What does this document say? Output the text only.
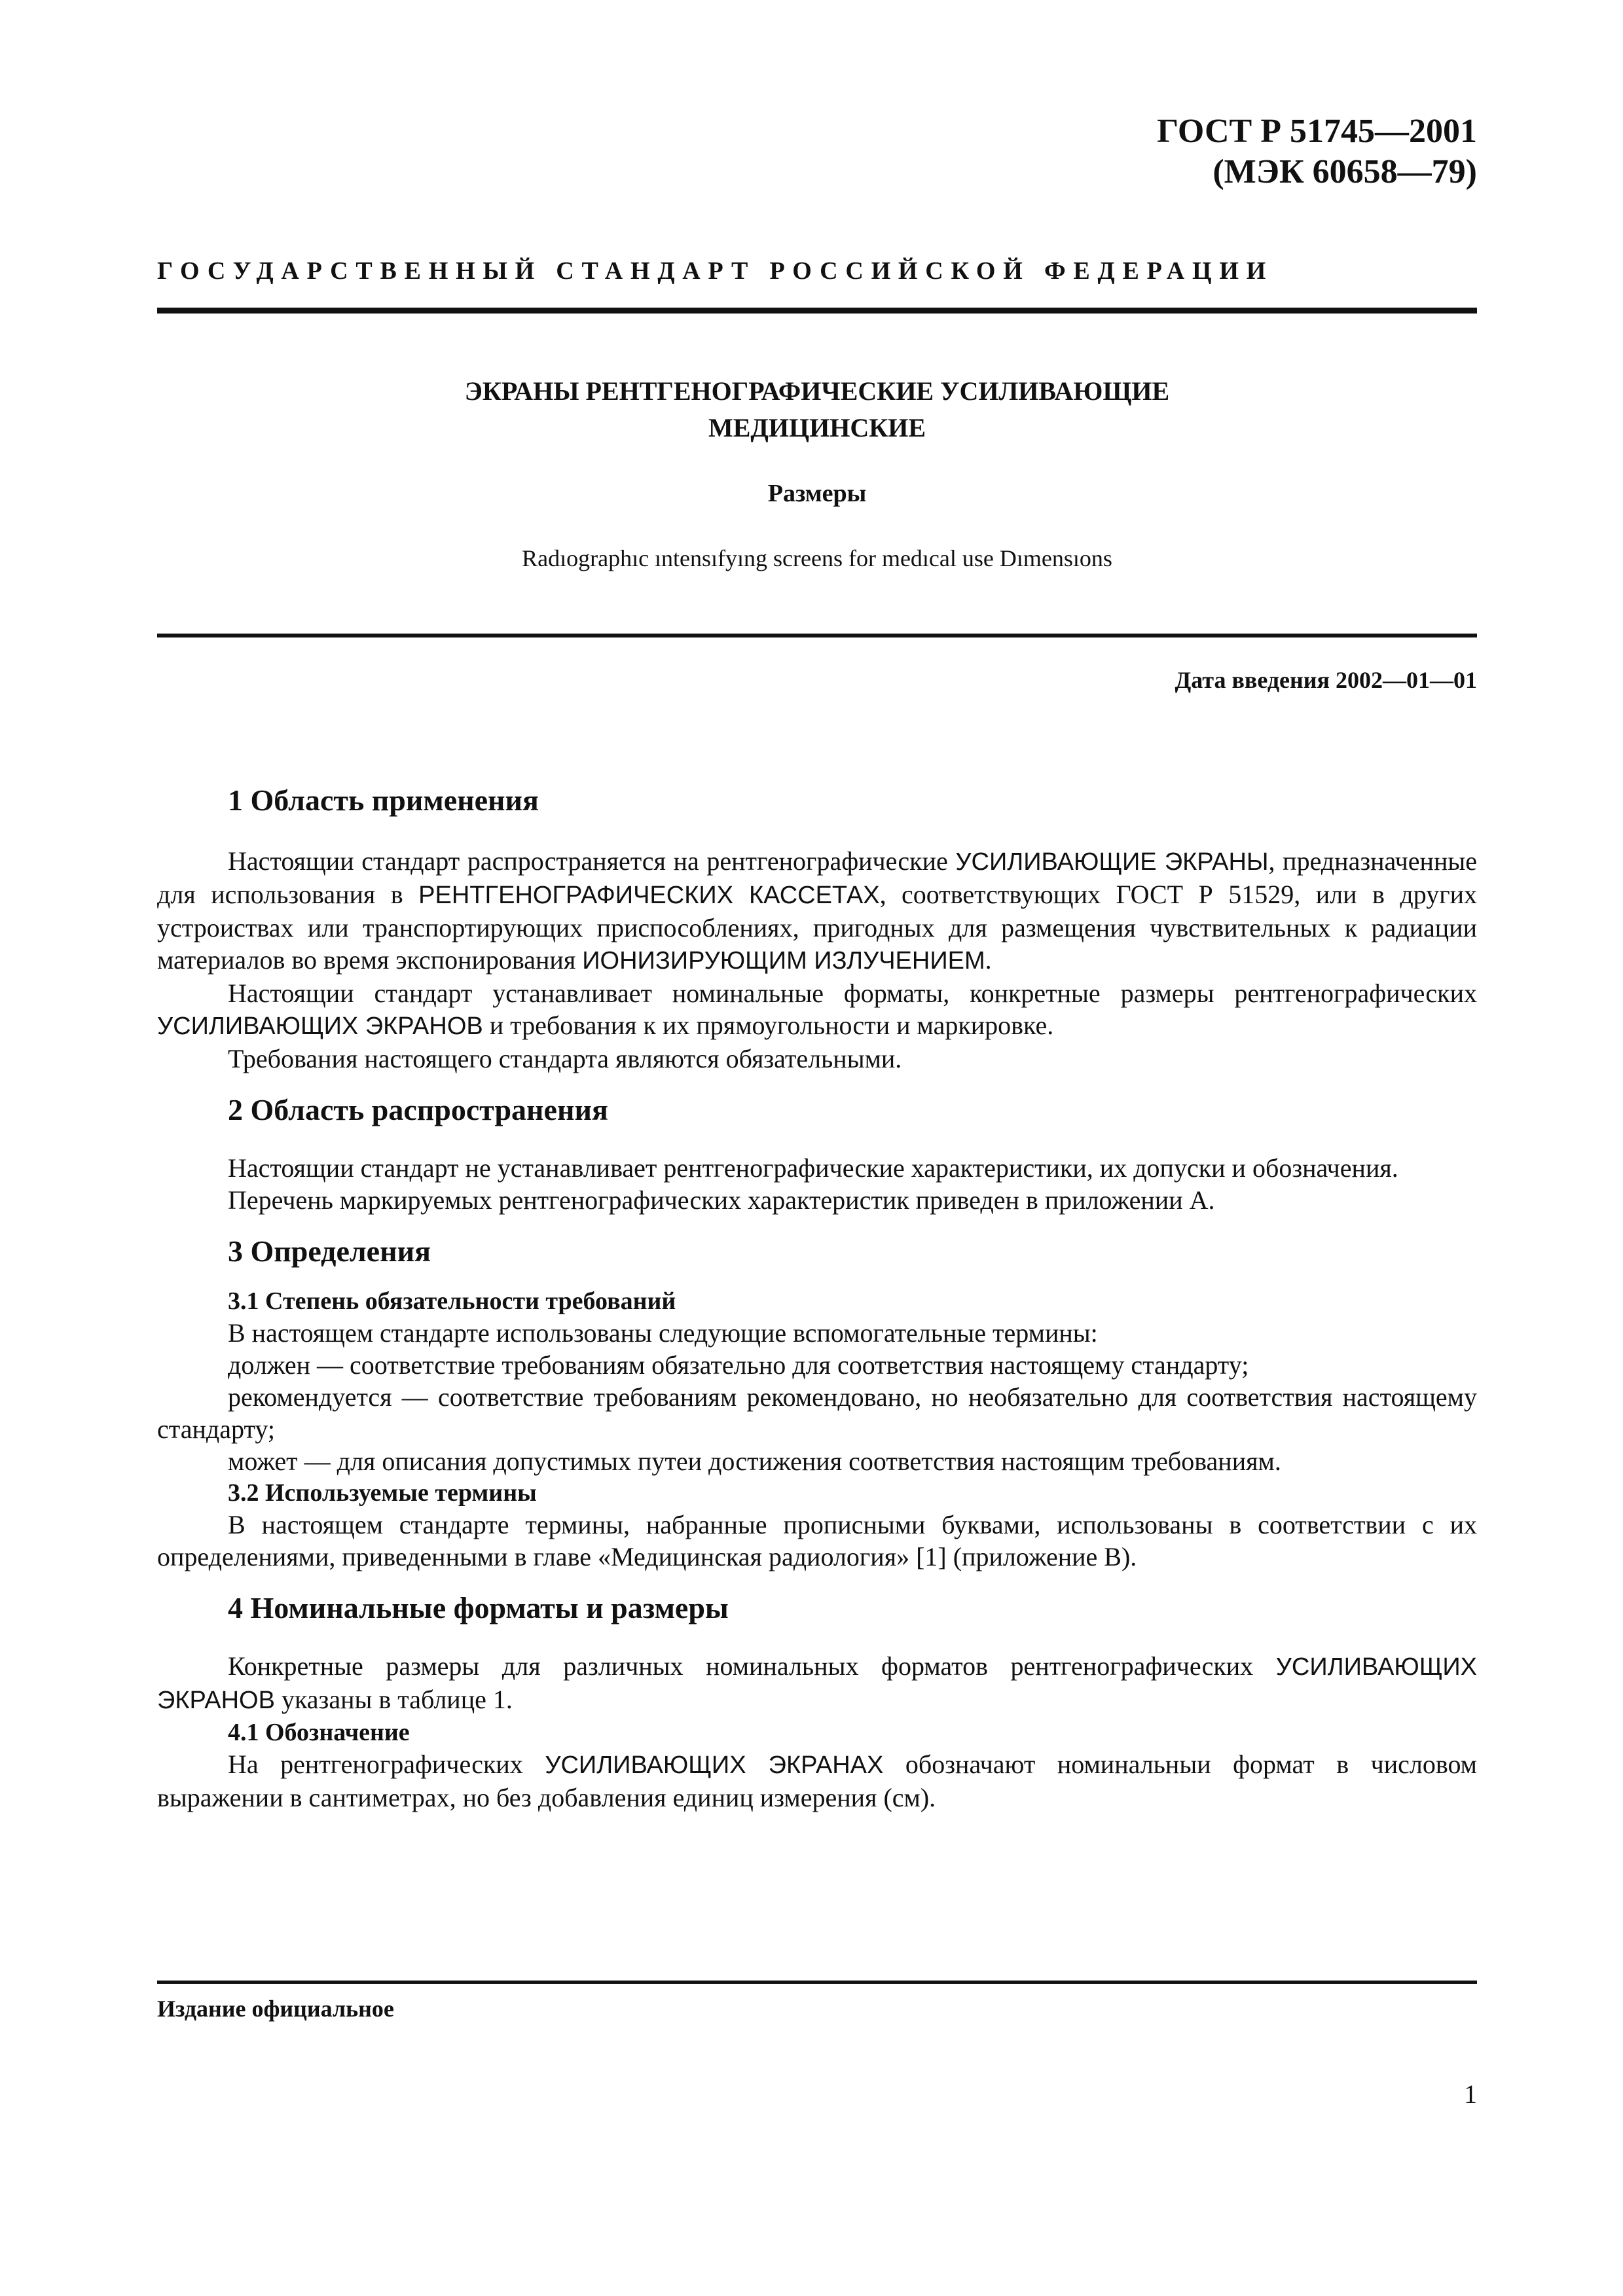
ГОСТ Р 51745—2001
(МЭК 60658—79)
ГОСУДАРСТВЕННЫЙ СТАНДАРТ РОССИЙСКОЙ ФЕДЕРАЦИИ
ЭКРАНЫ РЕНТГЕНОГРАФИЧЕСКИЕ УСИЛИВАЮЩИЕ
МЕДИЦИНСКИЕ
Размеры
Radıographıc ıntensıfyıng screens for medıcal use Dımensıons
Дата введения 2002—01—01
1 Область применения

Настоящии стандарт распространяется на рентгенографические УСИЛИВАЮЩИЕ ЭКРАНЫ, предназначенные для использования в РЕНТГЕНОГРАФИЧЕСКИХ КАССЕТАХ, соответствующих ГОСТ Р 51529, или в других устроиствах или транспортирующих приспособлениях, пригодных для размещения чувствительных к радиации материалов во время экспонирования ИОНИЗИРУЮЩИМ ИЗЛУЧЕНИЕМ.

Настоящии стандарт устанавливает номинальные форматы, конкретные размеры рентгенографических УСИЛИВАЮЩИХ ЭКРАНОВ и требования к их прямоугольности и маркировке.

Требования настоящего стандарта являются обязательными.

2 Область распространения

Настоящии стандарт не устанавливает рентгенографические характеристики, их допуски и обозначения.

Перечень маркируемых рентгенографических характеристик приведен в приложении А.

3 Определения
3.1 Степень обязательности требований

В настоящем стандарте использованы следующие вспомогательные термины:

должен — соответствие требованиям обязательно для соответствия настоящему стандарту;

рекомендуется — соответствие требованиям рекомендовано, но необязательно для соответствия настоящему стандарту;

может — для описания допустимых путеи достижения соответствия настоящим требованиям.

3.2 Используемые термины

В настоящем стандарте термины, набранные прописными буквами, использованы в соответствии с их определениями, приведенными в главе «Медицинская радиология» [1] (приложение В).

4 Номинальные форматы и размеры

Конкретные размеры для различных номинальных форматов рентгенографических УСИЛИВАЮЩИХ ЭКРАНОВ указаны в таблице 1.

4.1 Обозначение

На рентгенографических УСИЛИВАЮЩИХ ЭКРАНАХ обозначают номинальныи формат в числовом выражении в сантиметрах, но без добавления единиц измерения (см).

Издание официальное
1
